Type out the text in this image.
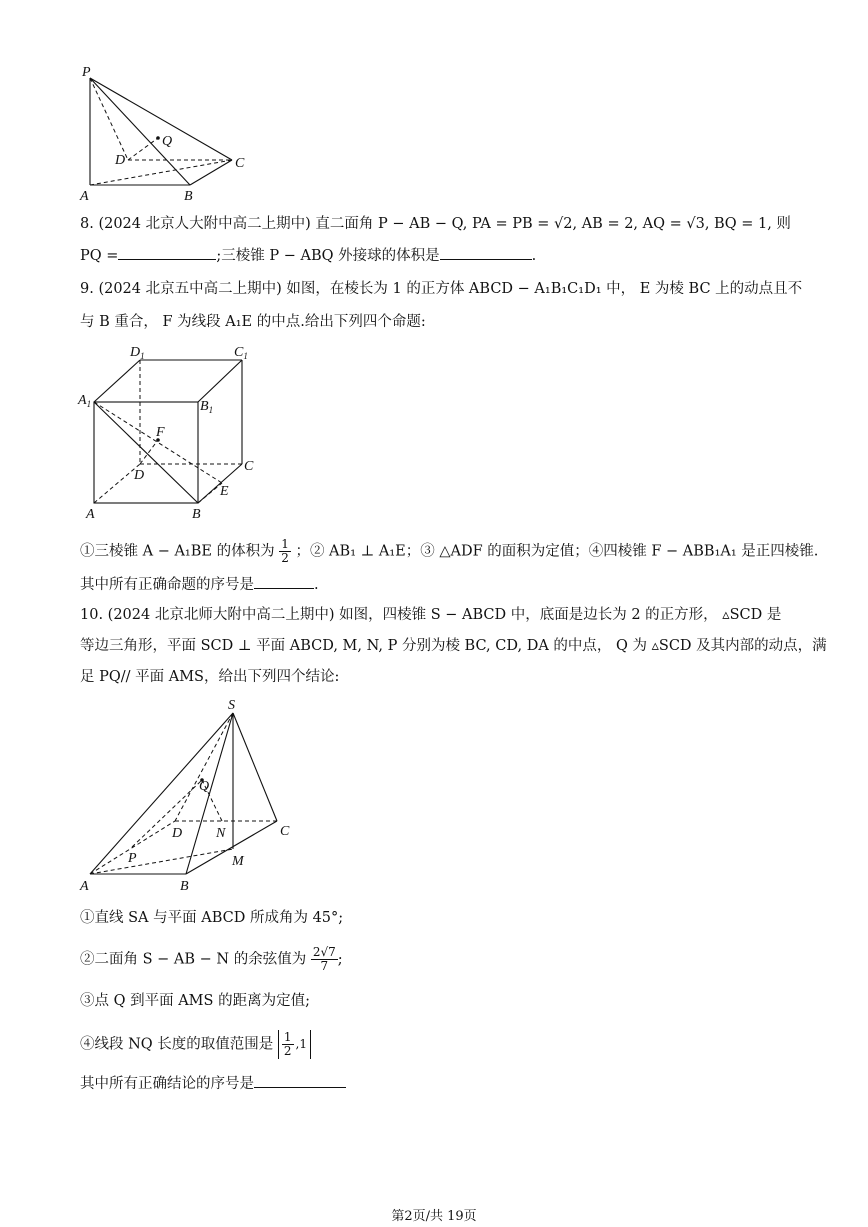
P
Q
D	C
A	B
8. (2024 北京人大附中高二上期中) 直二面角 P − AB − Q, PA = PB = √2, AB = 2, AQ = √3, BQ = 1, 则
PQ =	;三棱锥 P − ABQ 外接球的体积是	.
9. (2024 北京五中高二上期中) 如图，在棱长为 1 的正方体 ABCD − A₁B₁C₁D₁ 中， E 为棱 BC 上的动点且不
与 B 重合， F 为线段 A₁E 的中点.给出下列四个命题:
$D_1$	$C_1$
$A_1$	$B_1$
F
D
C
E
A	B
①三棱锥 A − A₁BE 的体积为 $\frac{1}{2}$ ；② AB₁ ⊥ A₁E；③ △ADF 的面积为定值；④四棱锥 F − ABB₁A₁ 是正四棱锥.
其中所有正确命题的序号是	.
10. (2024 北京北师大附中高二上期中) 如图，四棱锥 S − ABCD 中，底面是边长为 2 的正方形， ▵SCD 是
等边三角形，平面 SCD ⊥ 平面 ABCD, M, N, P 分别为棱 BC, CD, DA 的中点， Q 为 ▵SCD 及其内部的动点，满
足 PQ// 平面 AMS，给出下列四个结论:
S
Q
D N	C
P	M
A	B
①直线 SA 与平面 ABCD 所成角为 45°;
②二面角 S − AB − N 的余弦值为 $\frac{2√7}{7}$ ;
③点 Q 到平面 AMS 的距离为定值;
④线段 NQ 长度的取值范围是 $\frac{1}{2} ,1$
其中所有正确结论的序号是
第2页/共 19页
